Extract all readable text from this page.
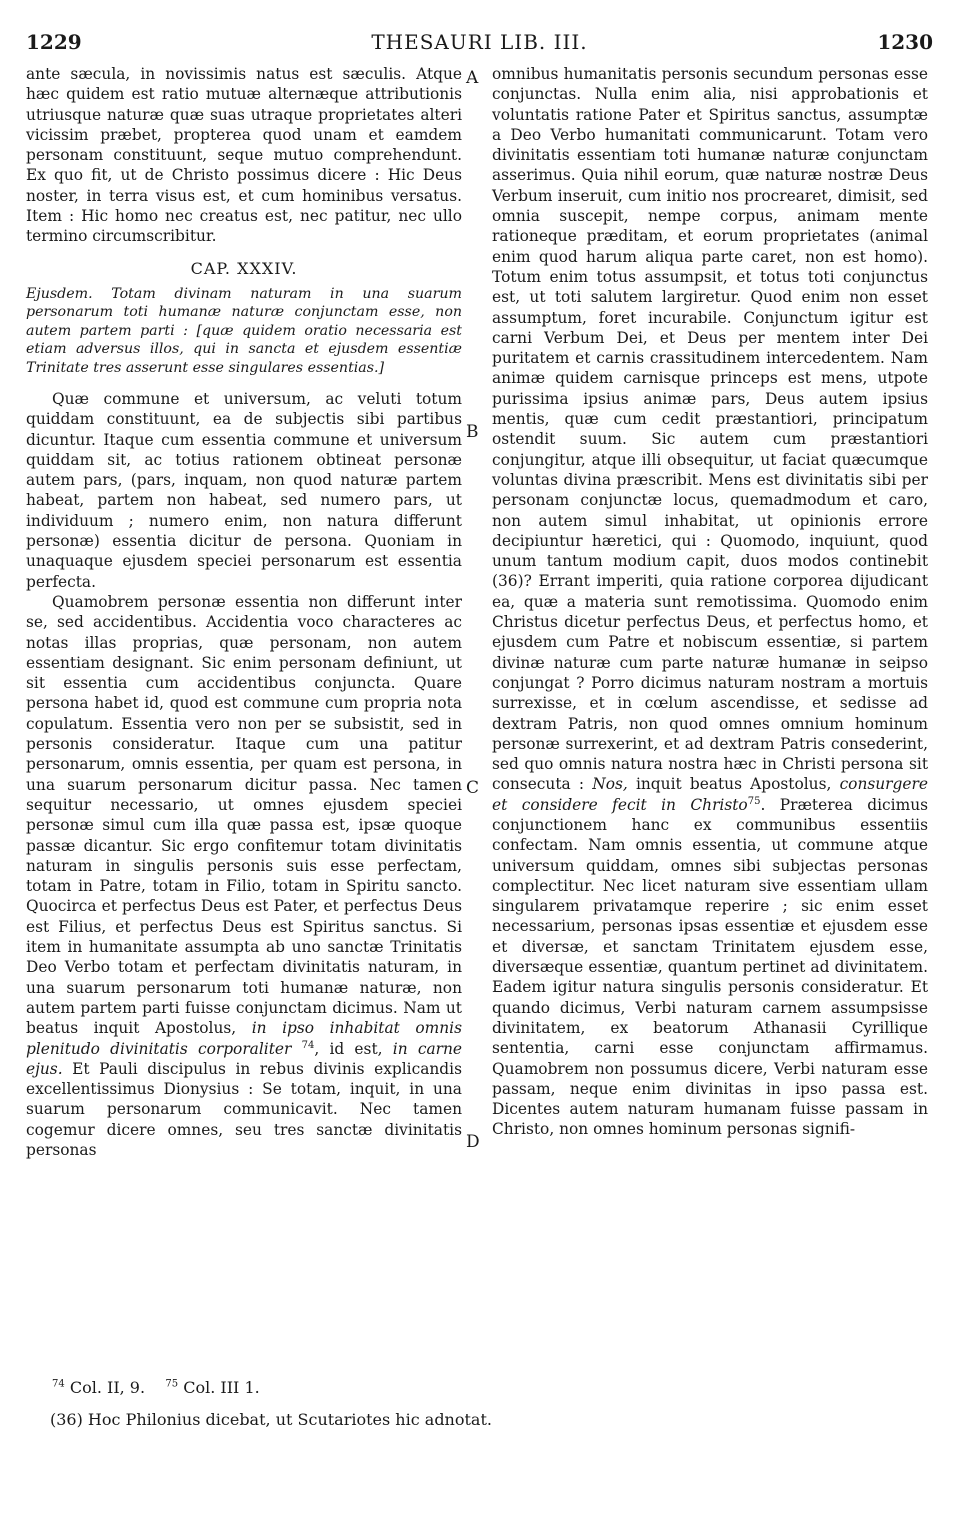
1229	THESAURI LIB. III.	1230

ante sæcula, in novissimis natus est sæculis. Atque hæc quidem est ratio mutuæ alternæque attributionis utriusque naturæ quæ suas utraque proprietates alteri vicissim præbet, propterea quod unam et eamdem personam constituunt, seque mutuo comprehendunt. Ex quo fit, ut de Christo possimus dicere : Hic Deus noster, in terra visus est, et cum hominibus versatus. Item : Hic homo nec creatus est, nec patitur, nec ullo termino circumscribitur.

CAP. XXXIV.

Ejusdem. Totam divinam naturam in una suarum personarum toti humanæ naturæ conjunctam esse, non autem partem parti : [quæ quidem oratio necessaria est etiam adversus illos, qui in sancta et ejusdem essentiæ Trinitate tres asserunt esse singulares essentias.]

Quæ commune et universum, ac veluti totum quiddam constituunt, ea de subjectis sibi partibus dicuntur. Itaque cum essentia commune et universum quiddam sit, ac totius rationem obtineat personæ autem pars, (pars, inquam, non quod naturæ partem habeat, partem non habeat, sed numero pars, ut individuum ; numero enim, non natura differunt personæ) essentia dicitur de persona. Quoniam in unaquaque ejusdem speciei personarum est essentia perfecta.

Quamobrem personæ essentia non differunt inter se, sed accidentibus. Accidentia voco characteres ac notas illas proprias, quæ personam, non autem essentiam designant. Sic enim personam definiunt, ut sit essentia cum accidentibus conjuncta. Quare persona habet id, quod est commune cum propria nota copulatum. Essentia vero non per se subsistit, sed in personis consideratur. Itaque cum una patitur personarum, omnis essentia, per quam est persona, in una suarum personarum dicitur passa. Nec tamen sequitur necessario, ut omnes ejusdem speciei personæ simul cum illa quæ passa est, ipsæ quoque passæ dicantur. Sic ergo confitemur totam divinitatis naturam in singulis personis suis esse perfectam, totam in Patre, totam in Filio, totam in Spiritu sancto. Quocirca et perfectus Deus est Pater, et perfectus Deus est Filius, et perfectus Deus est Spiritus sanctus. Si item in humanitate assumpta ab uno sanctæ Trinitatis Deo Verbo totam et perfectam divinitatis naturam, in una suarum personarum toti humanæ naturæ, non autem partem parti fuisse conjunctam dicimus. Nam ut beatus inquit Apostolus, in ipso inhabitat omnis plenitudo divinitatis corporaliter $^{74}$, id est, in carne ejus. Et Pauli discipulus in rebus divinis explicandis excellentissimus Dionysius : Se totam, inquit, in una suarum personarum communicavit. Nec tamen cogemur dicere omnes, seu tres sanctæ divinitatis personas

A
B
C
D

omnibus humanitatis personis secundum personas esse conjunctas. Nulla enim alia, nisi approbationis et voluntatis ratione Pater et Spiritus sanctus, assumptæ a Deo Verbo humanitati communicarunt. Totam vero divinitatis essentiam toti humanæ naturæ conjunctam asserimus. Quia nihil eorum, quæ naturæ nostræ Deus Verbum inseruit, cum initio nos procrearet, dimisit, sed omnia suscepit, nempe corpus, animam mente rationeque præditam, et eorum proprietates (animal enim quod harum aliqua parte caret, non est homo). Totum enim totus assumpsit, et totus toti conjunctus est, ut toti salutem largiretur. Quod enim non esset assumptum, foret incurabile. Conjunctum igitur est carni Verbum Dei, et Deus per mentem inter Dei puritatem et carnis crassitudinem intercedentem. Nam animæ quidem carnisque princeps est mens, utpote purissima ipsius animæ pars, Deus autem ipsius mentis, quæ cum cedit præstantiori, principatum ostendit suum. Sic autem cum præstantiori conjungitur, atque illi obsequitur, ut faciat quæcumque voluntas divina præscribit. Mens est divinitatis sibi per personam conjunctæ locus, quemadmodum et caro, non autem simul inhabitat, ut opinionis errore decipiuntur hæretici, qui : Quomodo, inquiunt, quod unum tantum modium capit, duos modos continebit (36)? Errant imperiti, quia ratione corporea dijudicant ea, quæ a materia sunt remotissima. Quomodo enim Christus dicetur perfectus Deus, et perfectus homo, et ejusdem cum Patre et nobiscum essentiæ, si partem divinæ naturæ cum parte naturæ humanæ in seipso conjungat ? Porro dicimus naturam nostram a mortuis surrexisse, et in cœlum ascendisse, et sedisse ad dextram Patris, non quod omnes omnium hominum personæ surrexerint, et ad dextram Patris consederint, sed quo omnis natura nostra hæc in Christi persona sit consecuta : Nos, inquit beatus Apostolus, consurgere et considere fecit in Christo$^{75}$. Præterea dicimus conjunctionem hanc ex communibus essentiis confectam. Nam omnis essentia, ut commune atque universum quiddam, omnes sibi subjectas personas complectitur. Nec licet naturam sive essentiam ullam singularem privatamque reperire ; sic enim esset necessarium, personas ipsas essentiæ et ejusdem esse et diversæ, et sanctam Trinitatem ejusdem esse, diversæque essentiæ, quantum pertinet ad divinitatem. Eadem igitur natura singulis personis consideratur. Et quando dicimus, Verbi naturam carnem assumpsisse divinitatem, ex beatorum Athanasii Cyrillique sententia, carni esse conjunctam affirmamus. Quamobrem non possumus dicere, Verbi naturam esse passam, neque enim divinitas in ipso passa est. Dicentes autem naturam humanam fuisse passam in Christo, non omnes hominum personas signifi-

$^{74}$ Col. II, 9. $^{75}$ Col. III 1.
(36) Hoc Philonius dicebat, ut Scutariotes hic adnotat.
